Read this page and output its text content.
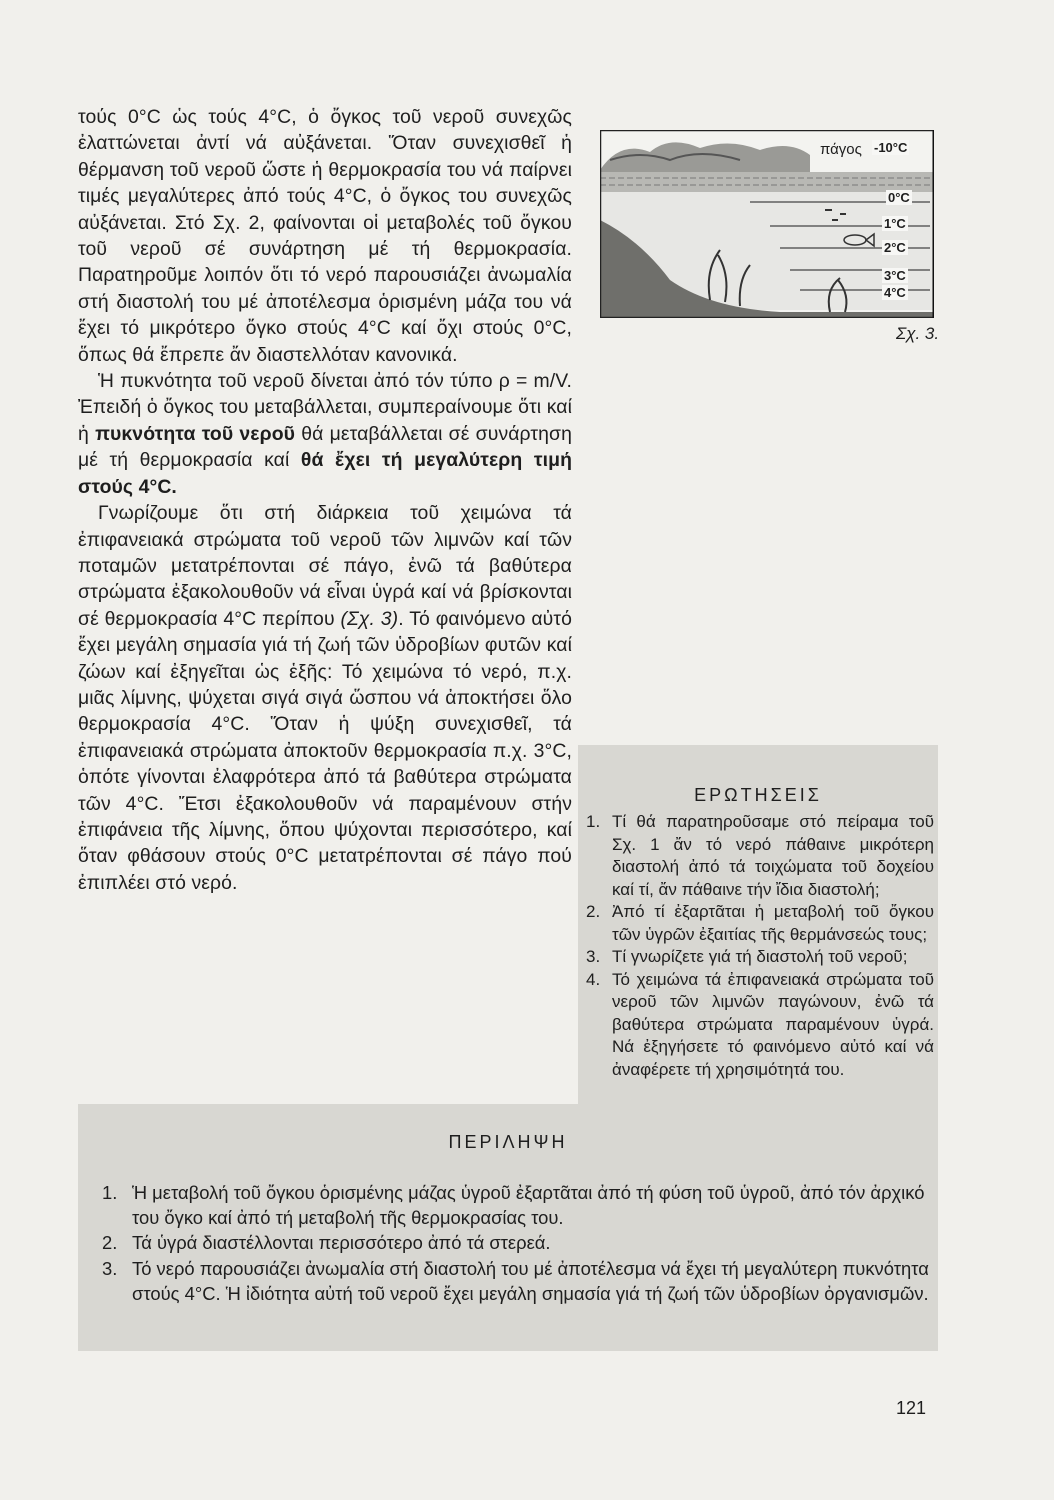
τούς 0°C ὡς τούς 4°C, ὁ ὄγκος τοῦ νεροῦ συνεχῶς ἐλαττώνεται ἀντί νά αὐξάνεται. Ὅταν συνεχισθεῖ ἡ θέρμανση τοῦ νεροῦ ὥστε ἡ θερμοκρασία του νά παίρνει τιμές μεγαλύτερες ἀπό τούς 4°C, ὁ ὄγκος του συνεχῶς αὐξάνεται. Στό Σχ. 2, φαίνονται οἱ μεταβολές τοῦ ὄγκου τοῦ νεροῦ σέ συνάρτηση μέ τή θερμοκρασία. Παρατηροῦμε λοιπόν ὅτι τό νερό παρουσιάζει ἀνωμαλία στή διαστολή του μέ ἀποτέλεσμα ὁρισμένη μάζα του νά ἔχει τό μικρότερο ὄγκο στούς 4°C καί ὄχι στούς 0°C, ὅπως θά ἔπρεπε ἄν διαστελλόταν κανονικά.

Ἡ πυκνότητα τοῦ νεροῦ δίνεται ἀπό τόν τύπο ρ = m/V. Ἐπειδή ὁ ὄγκος του μεταβάλλεται, συμπεραίνουμε ὅτι καί ἡ πυκνότητα τοῦ νεροῦ θά μεταβάλλεται σέ συνάρτηση μέ τή θερμοκρασία καί θά ἔχει τή μεγαλύτερη τιμή στούς 4°C.

Γνωρίζουμε ὅτι στή διάρκεια τοῦ χειμώνα τά ἐπιφανειακά στρώματα τοῦ νεροῦ τῶν λιμνῶν καί τῶν ποταμῶν μετατρέπονται σέ πάγο, ἐνῶ τά βαθύτερα στρώματα ἐξακολουθοῦν νά εἶναι ὑγρά καί νά βρίσκονται σέ θερμοκρασία 4°C περίπου (Σχ. 3). Τό φαινόμενο αὐτό ἔχει μεγάλη σημασία γιά τή ζωή τῶν ὑδροβίων φυτῶν καί ζώων καί ἐξηγεῖται ὡς ἑξῆς: Τό χειμώνα τό νερό, π.χ. μιᾶς λίμνης, ψύχεται σιγά σιγά ὥσπου νά ἀποκτήσει ὅλο θερμοκρασία 4°C. Ὅταν ἡ ψύξη συνεχισθεῖ, τά ἐπιφανειακά στρώματα ἀποκτοῦν θερμοκρασία π.χ. 3°C, ὁπότε γίνονται ἐλαφρότερα ἀπό τά βαθύτερα στρώματα τῶν 4°C. Ἔτσι ἐξακολουθοῦν νά παραμένουν στήν ἐπιφάνεια τῆς λίμνης, ὅπου ψύχονται περισσότερο, καί ὅταν φθάσουν στούς 0°C μετατρέπονται σέ πάγο πού ἐπιπλέει στό νερό.

πάγος -10°C
0°C
1°C
2°C
3°C
4°C
Σχ. 3.
ΕΡΩΤΗΣΕΙΣ
1. Τί θά παρατηροῦσαμε στό πείραμα τοῦ Σχ. 1 ἄν τό νερό πάθαινε μικρότερη διαστολή ἀπό τά τοιχώματα τοῦ δοχείου καί τί, ἄν πάθαινε τήν ἴδια διαστολή;
2. Ἀπό τί ἐξαρτᾶται ἡ μεταβολή τοῦ ὄγκου τῶν ὑγρῶν ἐξαιτίας τῆς θερμάνσεώς τους;
3. Τί γνωρίζετε γιά τή διαστολή τοῦ νεροῦ;
4. Τό χειμώνα τά ἐπιφανειακά στρώματα τοῦ νεροῦ τῶν λιμνῶν παγώνουν, ἐνῶ τά βαθύτερα στρώματα παραμένουν ὑγρά. Νά ἐξηγήσετε τό φαινόμενο αὐτό καί νά ἀναφέρετε τή χρησιμότητά του.
ΠΕΡΙΛΗΨΗ
1. Ἡ μεταβολή τοῦ ὄγκου ὁρισμένης μάζας ὑγροῦ ἐξαρτᾶται ἀπό τή φύση τοῦ ὑγροῦ, ἀπό τόν ἀρχικό του ὄγκο καί ἀπό τή μεταβολή τῆς θερμοκρασίας του.
2. Τά ὑγρά διαστέλλονται περισσότερο ἀπό τά στερεά.
3. Τό νερό παρουσιάζει ἀνωμαλία στή διαστολή του μέ ἀποτέλεσμα νά ἔχει τή μεγαλύτερη πυκνότητα στούς 4°C. Ἡ ἰδιότητα αὐτή τοῦ νεροῦ ἔχει μεγάλη σημασία γιά τή ζωή τῶν ὑδροβίων ὀργανισμῶν.
121
